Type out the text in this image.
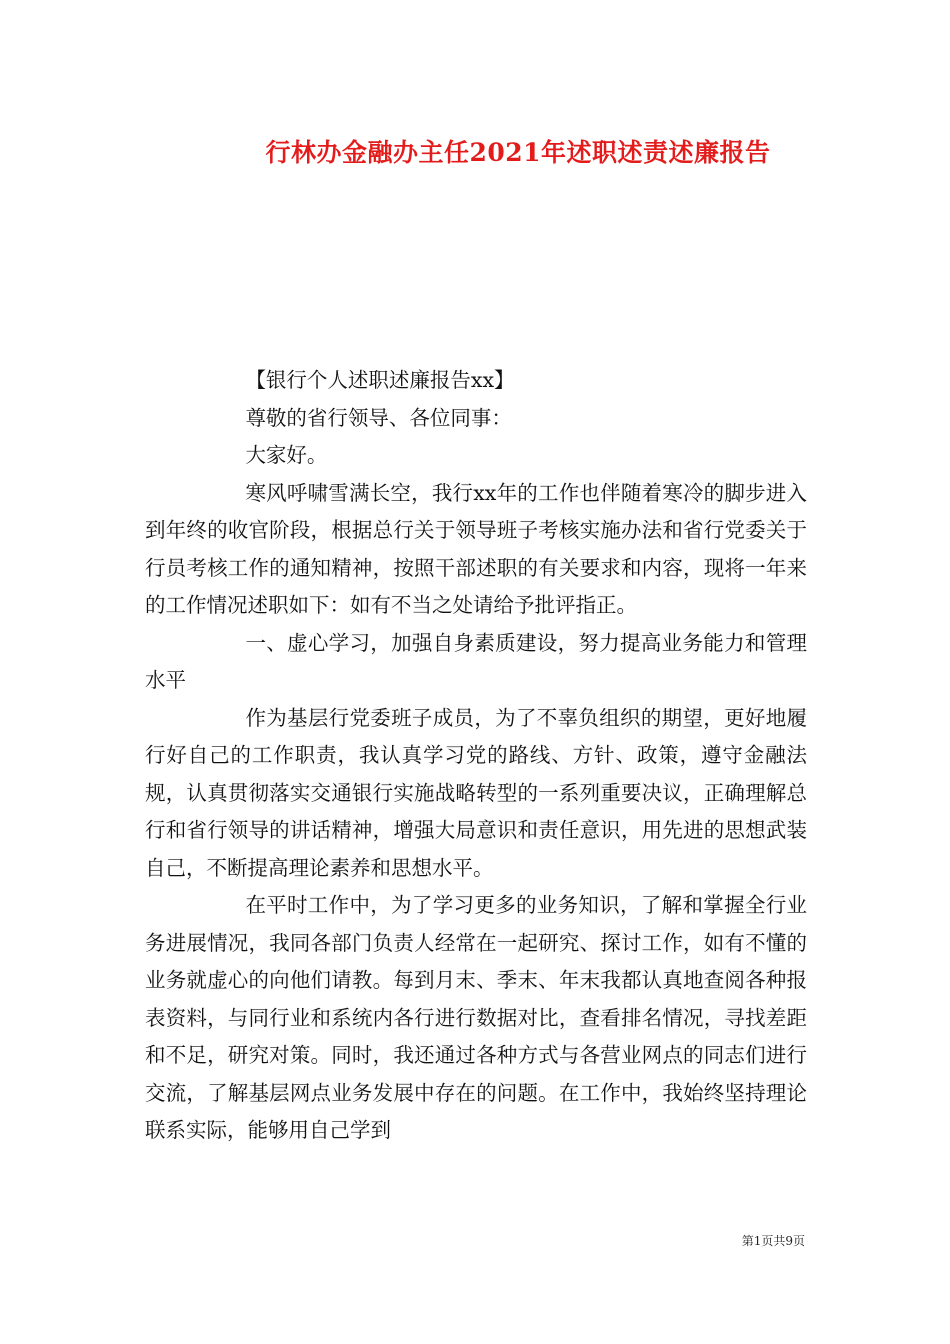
行林办金融办主任2021年述职述责述廉报告

【银行个人述职述廉报告xx】

尊敬的省行领导、各位同事：

大家好。

寒风呼啸雪满长空，我行xx年的工作也伴随着寒冷的脚步进入到年终的收官阶段，根据总行关于领导班子考核实施办法和省行党委关于行员考核工作的通知精神，按照干部述职的有关要求和内容，现将一年来的工作情况述职如下：如有不当之处请给予批评指正。

一、虚心学习，加强自身素质建设，努力提高业务能力和管理水平

作为基层行党委班子成员，为了不辜负组织的期望，更好地履行好自己的工作职责，我认真学习党的路线、方针、政策，遵守金融法规，认真贯彻落实交通银行实施战略转型的一系列重要决议，正确理解总行和省行领导的讲话精神，增强大局意识和责任意识，用先进的思想武装自己，不断提高理论素养和思想水平。

在平时工作中，为了学习更多的业务知识，了解和掌握全行业务进展情况，我同各部门负责人经常在一起研究、探讨工作，如有不懂的业务就虚心的向他们请教。每到月末、季末、年末我都认真地查阅各种报表资料，与同行业和系统内各行进行数据对比，查看排名情况，寻找差距和不足，研究对策。同时，我还通过各种方式与各营业网点的同志们进行交流，了解基层网点业务发展中存在的问题。在工作中，我始终坚持理论联系实际，能够用自己学到

第1页共9页
